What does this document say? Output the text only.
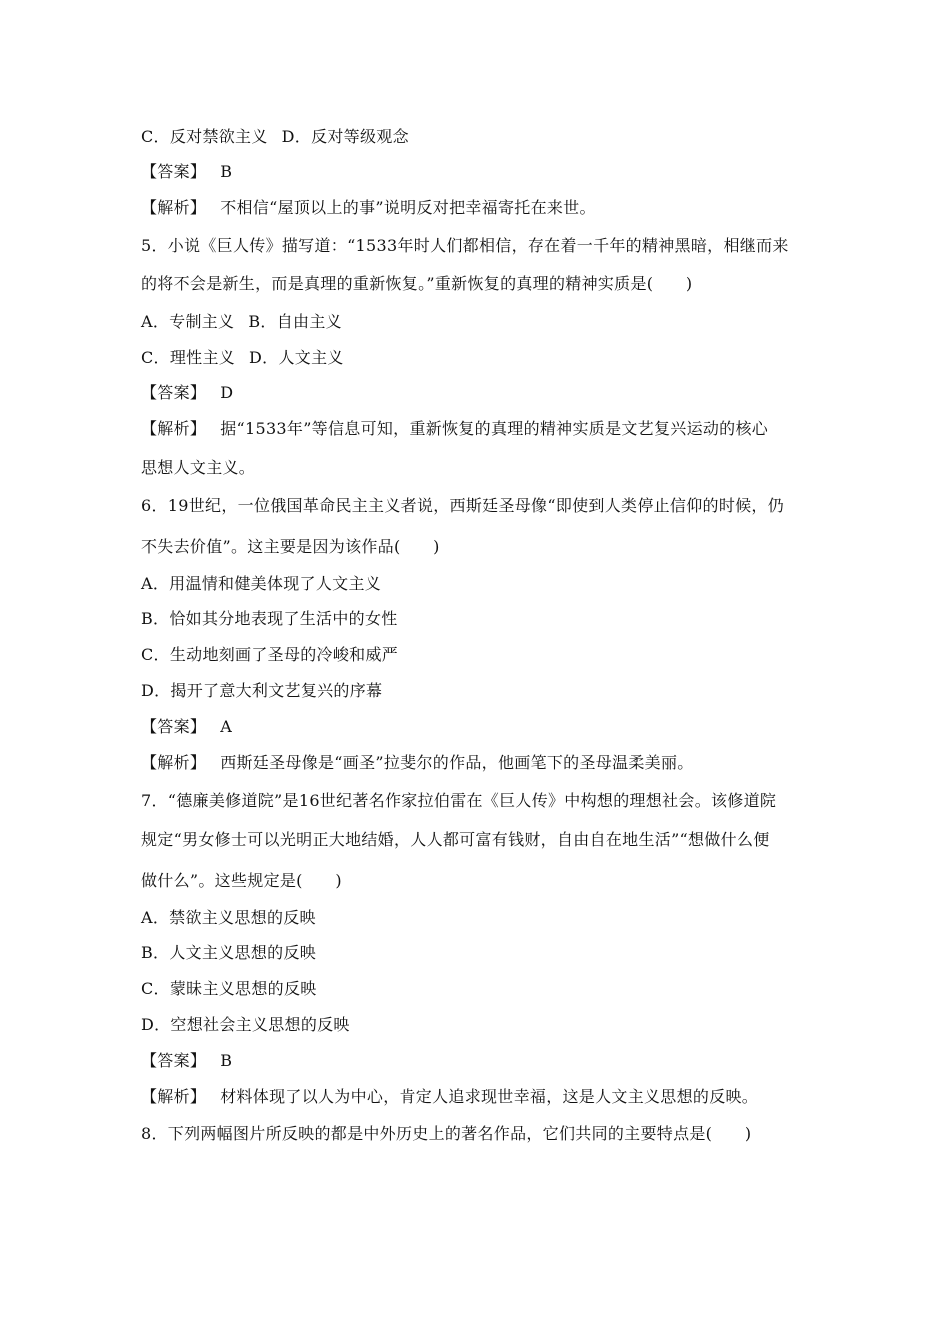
C．反对禁欲主义 D．反对等级观念
【答案】 B
【解析】 不相信“屋顶以上的事”说明反对把幸福寄托在来世。
5．小说《巨人传》描写道：“1533年时人们都相信，存在着一千年的精神黑暗，相继而来
的将不会是新生，而是真理的重新恢复。”重新恢复的真理的精神实质是(　　)
A．专制主义 B．自由主义
C．理性主义 D．人文主义
【答案】 D
【解析】 据“1533年”等信息可知，重新恢复的真理的精神实质是文艺复兴运动的核心
思想人文主义。
6．19世纪，一位俄国革命民主主义者说，西斯廷圣母像“即使到人类停止信仰的时候，仍
不失去价值”。这主要是因为该作品(　　)
A．用温情和健美体现了人文主义
B．恰如其分地表现了生活中的女性
C．生动地刻画了圣母的冷峻和威严
D．揭开了意大利文艺复兴的序幕
【答案】 A
【解析】 西斯廷圣母像是“画圣”拉斐尔的作品，他画笔下的圣母温柔美丽。
7．“德廉美修道院”是16世纪著名作家拉伯雷在《巨人传》中构想的理想社会。该修道院
规定“男女修士可以光明正大地结婚，人人都可富有钱财，自由自在地生活”“想做什么便
做什么”。这些规定是(　　)
A．禁欲主义思想的反映
B．人文主义思想的反映
C．蒙昧主义思想的反映
D．空想社会主义思想的反映
【答案】 B
【解析】 材料体现了以人为中心，肯定人追求现世幸福，这是人文主义思想的反映。
8．下列两幅图片所反映的都是中外历史上的著名作品，它们共同的主要特点是(　　)
